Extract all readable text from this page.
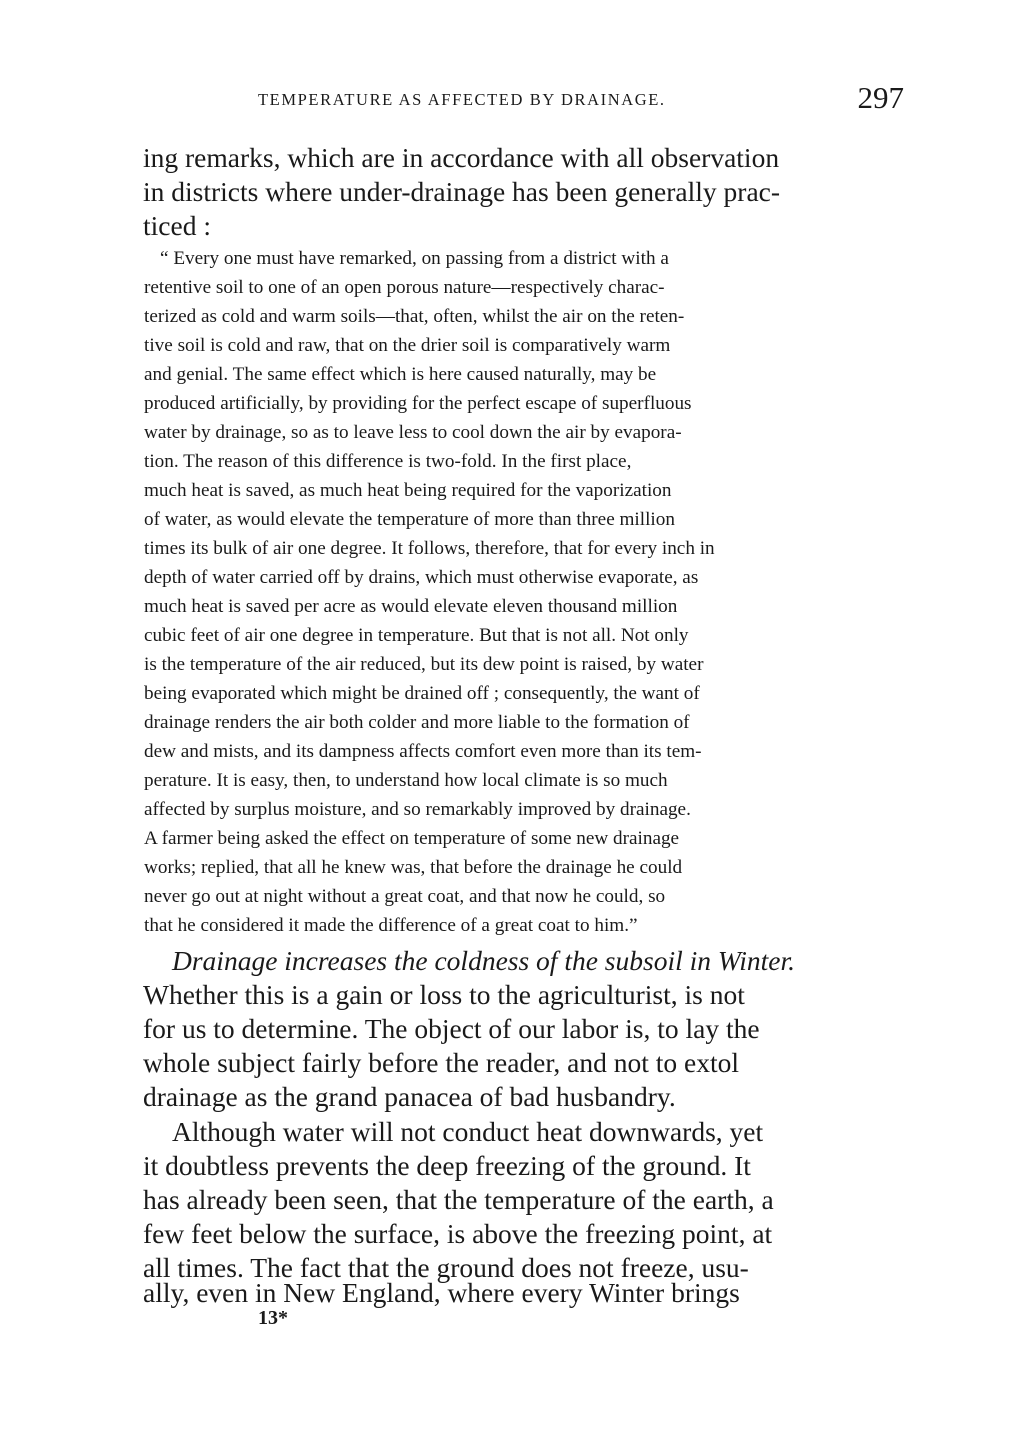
TEMPERATURE AS AFFECTED BY DRAINAGE.	297
ing remarks, which are in accordance with all observation
in districts where under-drainage has been generally prac-
ticed :
“ Every one must have remarked, on passing from a district with a
retentive soil to one of an open porous nature—respectively charac-
terized as cold and warm soils—that, often, whilst the air on the reten-
tive soil is cold and raw, that on the drier soil is comparatively warm
and genial. The same effect which is here caused naturally, may be
produced artificially, by providing for the perfect escape of superfluous
water by drainage, so as to leave less to cool down the air by evapora-
tion. The reason of this difference is two-fold. In the first place,
much heat is saved, as much heat being required for the vaporization
of water, as would elevate the temperature of more than three million
times its bulk of air one degree. It follows, therefore, that for every inch in
depth of water carried off by drains, which must otherwise evaporate, as
much heat is saved per acre as would elevate eleven thousand million
cubic feet of air one degree in temperature. But that is not all. Not only
is the temperature of the air reduced, but its dew point is raised, by water
being evaporated which might be drained off ; consequently, the want of
drainage renders the air both colder and more liable to the formation of
dew and mists, and its dampness affects comfort even more than its tem-
perature. It is easy, then, to understand how local climate is so much
affected by surplus moisture, and so remarkably improved by drainage.
A farmer being asked the effect on temperature of some new drainage
works; replied, that all he knew was, that before the drainage he could
never go out at night without a great coat, and that now he could, so
that he considered it made the difference of a great coat to him.”
Drainage increases the coldness of the subsoil in Winter.
Whether this is a gain or loss to the agriculturist, is not
for us to determine. The object of our labor is, to lay the
whole subject fairly before the reader, and not to extol
drainage as the grand panacea of bad husbandry.
Although water will not conduct heat downwards, yet
it doubtless prevents the deep freezing of the ground. It
has already been seen, that the temperature of the earth, a
few feet below the surface, is above the freezing point, at
all times. The fact that the ground does not freeze, usu-
ally, even in New England, where every Winter brings
13*
